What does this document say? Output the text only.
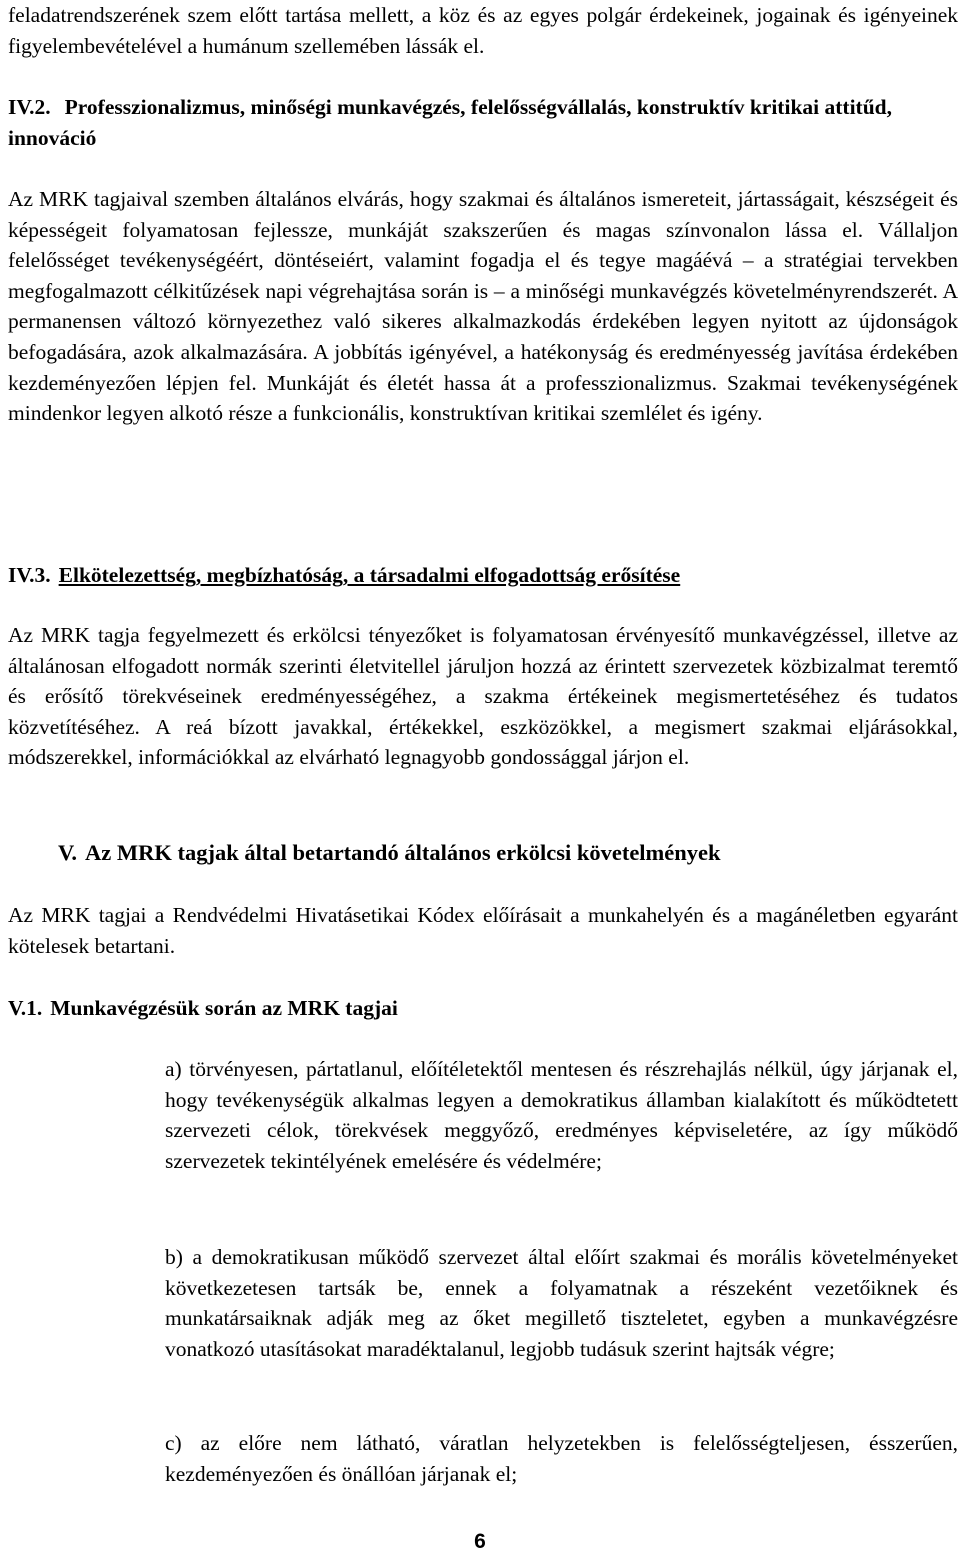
feladatrendszerének szem előtt tartása mellett, a köz és az egyes polgár érdekeinek, jogainak és igényeinek figyelembevételével a humánum szellemében lássák el.

IV.2. Professzionalizmus, minőségi munkavégzés, felelősségvállalás, konstruktív kritikai attitűd, innováció

Az MRK tagjaival szemben általános elvárás, hogy szakmai és általános ismereteit, jártasságait, készségeit és képességeit folyamatosan fejlessze, munkáját szakszerűen és magas színvonalon lássa el. Vállaljon felelősséget tevékenységéért, döntéseiért, valamint fogadja el és tegye magáévá – a stratégiai tervekben megfogalmazott célkitűzések napi végrehajtása során is – a minőségi munkavégzés követelményrendszerét. A permanensen változó környezethez való sikeres alkalmazkodás érdekében legyen nyitott az újdonságok befogadására, azok alkalmazására. A jobbítás igényével, a hatékonyság és eredményesség javítása érdekében kezdeményezően lépjen fel. Munkáját és életét hassa át a professzionalizmus. Szakmai tevékenységének mindenkor legyen alkotó része a funkcionális, konstruktívan kritikai szemlélet és igény.

IV.3. Elkötelezettség, megbízhatóság, a társadalmi elfogadottság erősítése

Az MRK tagja fegyelmezett és erkölcsi tényezőket is folyamatosan érvényesítő munkavégzéssel, illetve az általánosan elfogadott normák szerinti életvitellel járuljon hozzá az érintett szervezetek közbizalmat teremtő és erősítő törekvéseinek eredményességéhez, a szakma értékeinek megismertetéséhez és tudatos közvetítéséhez. A reá bízott javakkal, értékekkel, eszközökkel, a megismert szakmai eljárásokkal, módszerekkel, információkkal az elvárható legnagyobb gondossággal járjon el.

V. Az MRK tagjak által betartandó általános erkölcsi követelmények

Az MRK tagjai a Rendvédelmi Hivatásetikai Kódex előírásait a munkahelyén és a magánéletben egyaránt kötelesek betartani.

V.1. Munkavégzésük során az MRK tagjai

a) törvényesen, pártatlanul, előítéletektől mentesen és részrehajlás nélkül, úgy járjanak el, hogy tevékenységük alkalmas legyen a demokratikus államban kialakított és működtetett szervezeti célok, törekvések meggyőző, eredményes képviseletére, az így működő szervezetek tekintélyének emelésére és védelmére;

b) a demokratikusan működő szervezet által előírt szakmai és morális követelményeket következetesen tartsák be, ennek a folyamatnak a részeként vezetőiknek és munkatársaiknak adják meg az őket megillető tiszteletet, egyben a munkavégzésre vonatkozó utasításokat maradéktalanul, legjobb tudásuk szerint hajtsák végre;

c) az előre nem látható, váratlan helyzetekben is felelősségteljesen, ésszerűen, kezdeményezően és önállóan járjanak el;

6
